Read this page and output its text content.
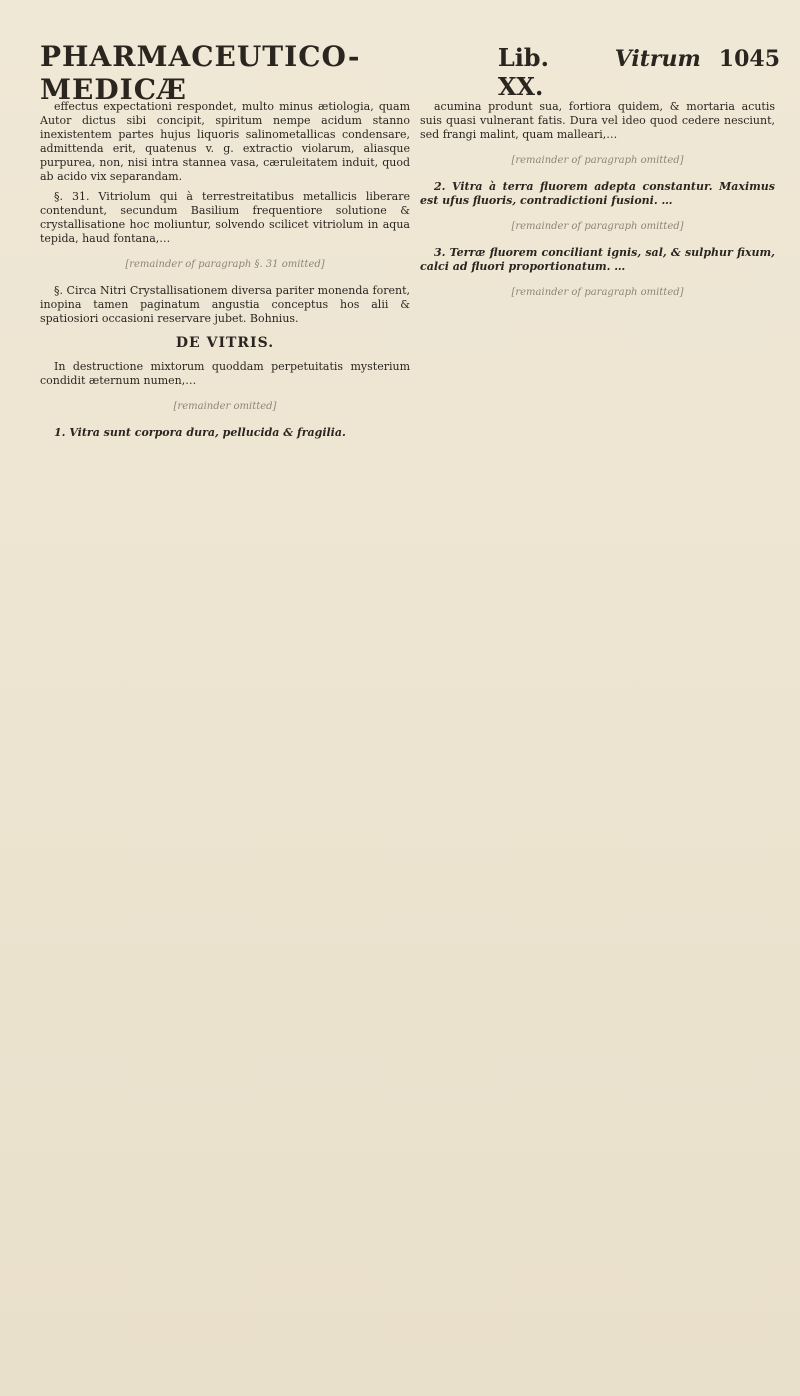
PHARMACEUTICO-MEDICÆ
Lib. XX.
Vitrum 1045

effectus expectationi respondet, multo minus ætiologia, quam Autor dictus sibi concipit, spiritum nempe acidum stanno inexistentem partes hujus liquoris salinometallicas condensare, admittenda erit, quatenus v. g. extractio violarum, aliasque purpurea, non, nisi intra stannea vasa, cæruleitatem induit, quod ab acido vix separandam.

§. 31. Vitriolum qui à terrestreitatibus metallicis liberare contendunt, secundum Basilium frequentiore solutione & crystallisatione hoc moliuntur, solvendo scilicet vitriolum in aqua tepida, haud fontana,…

[remainder of paragraph §. 31 omitted]

§. Circa Nitri Crystallisationem diversa pariter monenda forent, inopina tamen paginatum angustia conceptus hos alii & spatiosiori occasioni reservare jubet. Bohnius.

DE VITRIS.

In destructione mixtorum quoddam perpetuitatis mysterium condidit æternum numen,…

[remainder omitted]

1. Vitra sunt corpora dura, pellucida & fragilia.

acumina produnt sua, fortiora quidem, & mortaria acutis suis quasi vulnerant fatis. Dura vel ideo quod cedere nesciunt, sed frangi malint, quam malleari,…

[remainder of paragraph omitted]

2. Vitra à terra fluorem adepta constantur. Maximus est ufus fluoris, contradictioni fusioni. …

[remainder of paragraph omitted]

3. Terræ fluorem conciliant ignis, sal, & sulphur fixum, calci ad fluori proportionatum. …

[remainder of paragraph omitted]
